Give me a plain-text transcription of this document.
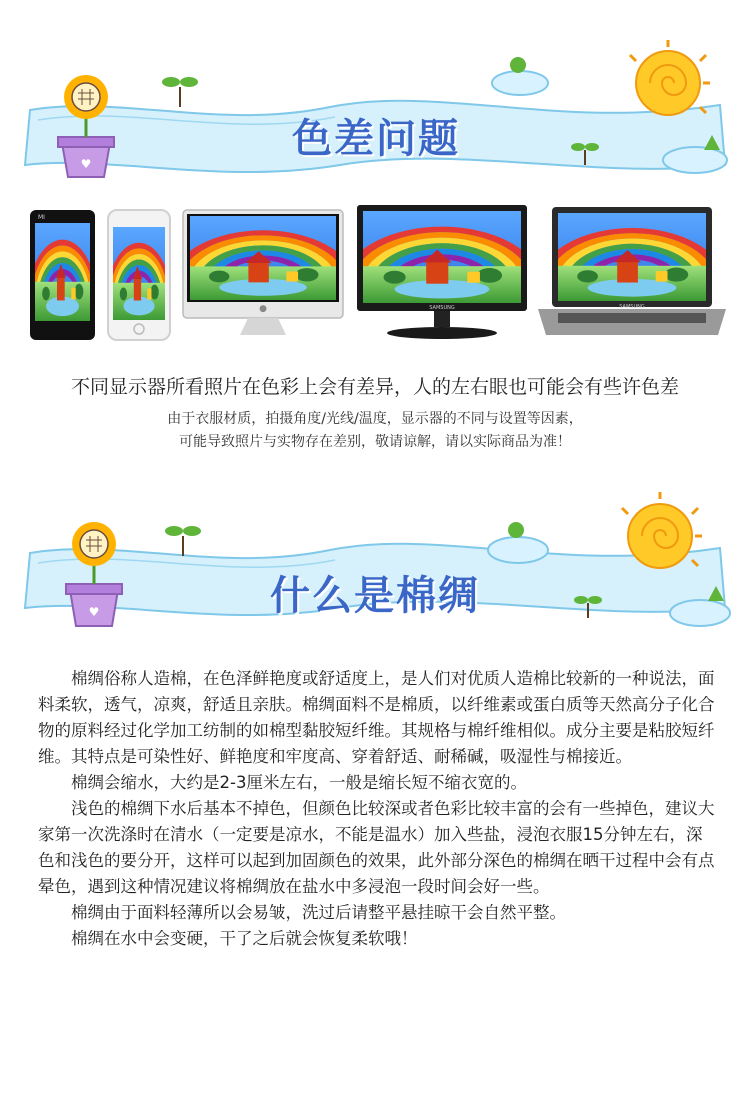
♥
色差问题
MI
●	SAMSUNG	SAMSUNG
不同显示器所看照片在色彩上会有差异，人的左右眼也可能会有些许色差
由于衣服材质，拍摄角度/光线/温度，显示器的不同与设置等因素，
可能导致照片与实物存在差别，敬请谅解，请以实际商品为准！
♥	什么是棉绸

棉绸俗称人造棉，在色泽鲜艳度或舒适度上，是人们对优质人造棉比较新的一种说法，面料柔软，透气，凉爽，舒适且亲肤。棉绸面料不是棉质，以纤维素或蛋白质等天然高分子化合物的原料经过化学加工纺制的如棉型黏胶短纤维。其规格与棉纤维相似。成分主要是粘胶短纤维。其特点是可染性好、鲜艳度和牢度高、穿着舒适、耐稀碱，吸湿性与棉接近。

棉绸会缩水，大约是2-3厘米左右，一般是缩长短不缩衣宽的。

浅色的棉绸下水后基本不掉色，但颜色比较深或者色彩比较丰富的会有一些掉色，建议大家第一次洗涤时在清水（一定要是凉水，不能是温水）加入些盐，浸泡衣服15分钟左右，深色和浅色的要分开，这样可以起到加固颜色的效果，此外部分深色的棉绸在晒干过程中会有点晕色，遇到这种情况建议将棉绸放在盐水中多浸泡一段时间会好一些。

棉绸由于面料轻薄所以会易皱，洗过后请整平悬挂晾干会自然平整。

棉绸在水中会变硬，干了之后就会恢复柔软哦！
